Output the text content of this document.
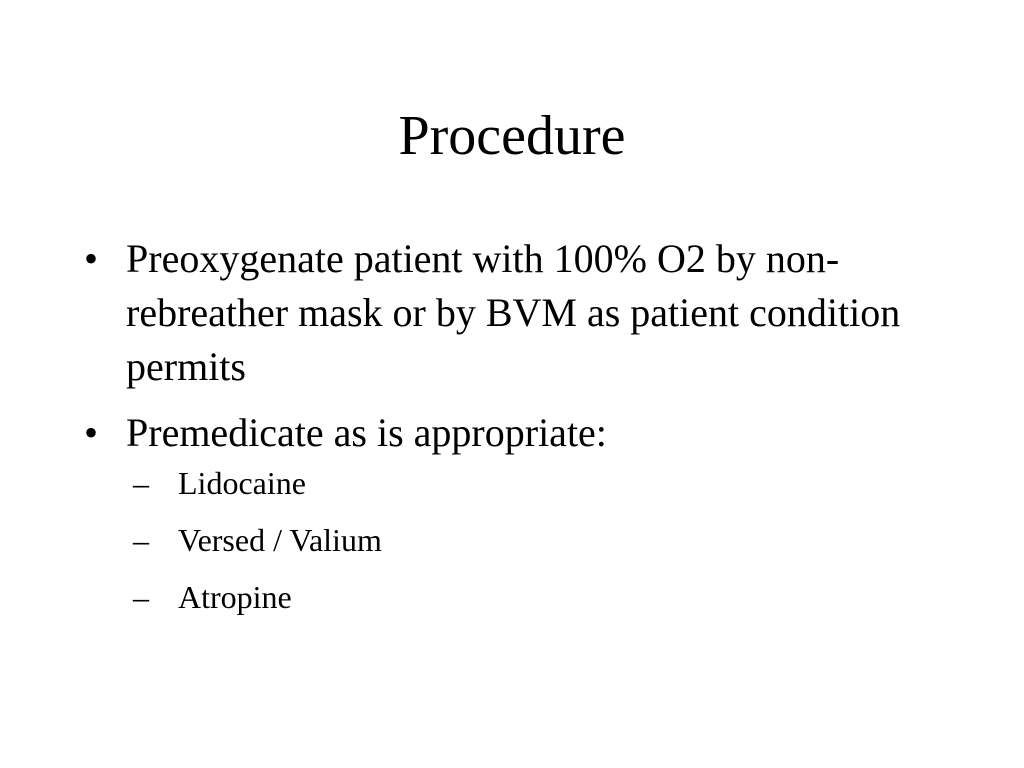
Procedure
• Preoxygenate patient with 100% O2 by non-rebreather mask or by BVM as patient condition permits
• Premedicate as is appropriate:
– Lidocaine
– Versed / Valium
– Atropine
